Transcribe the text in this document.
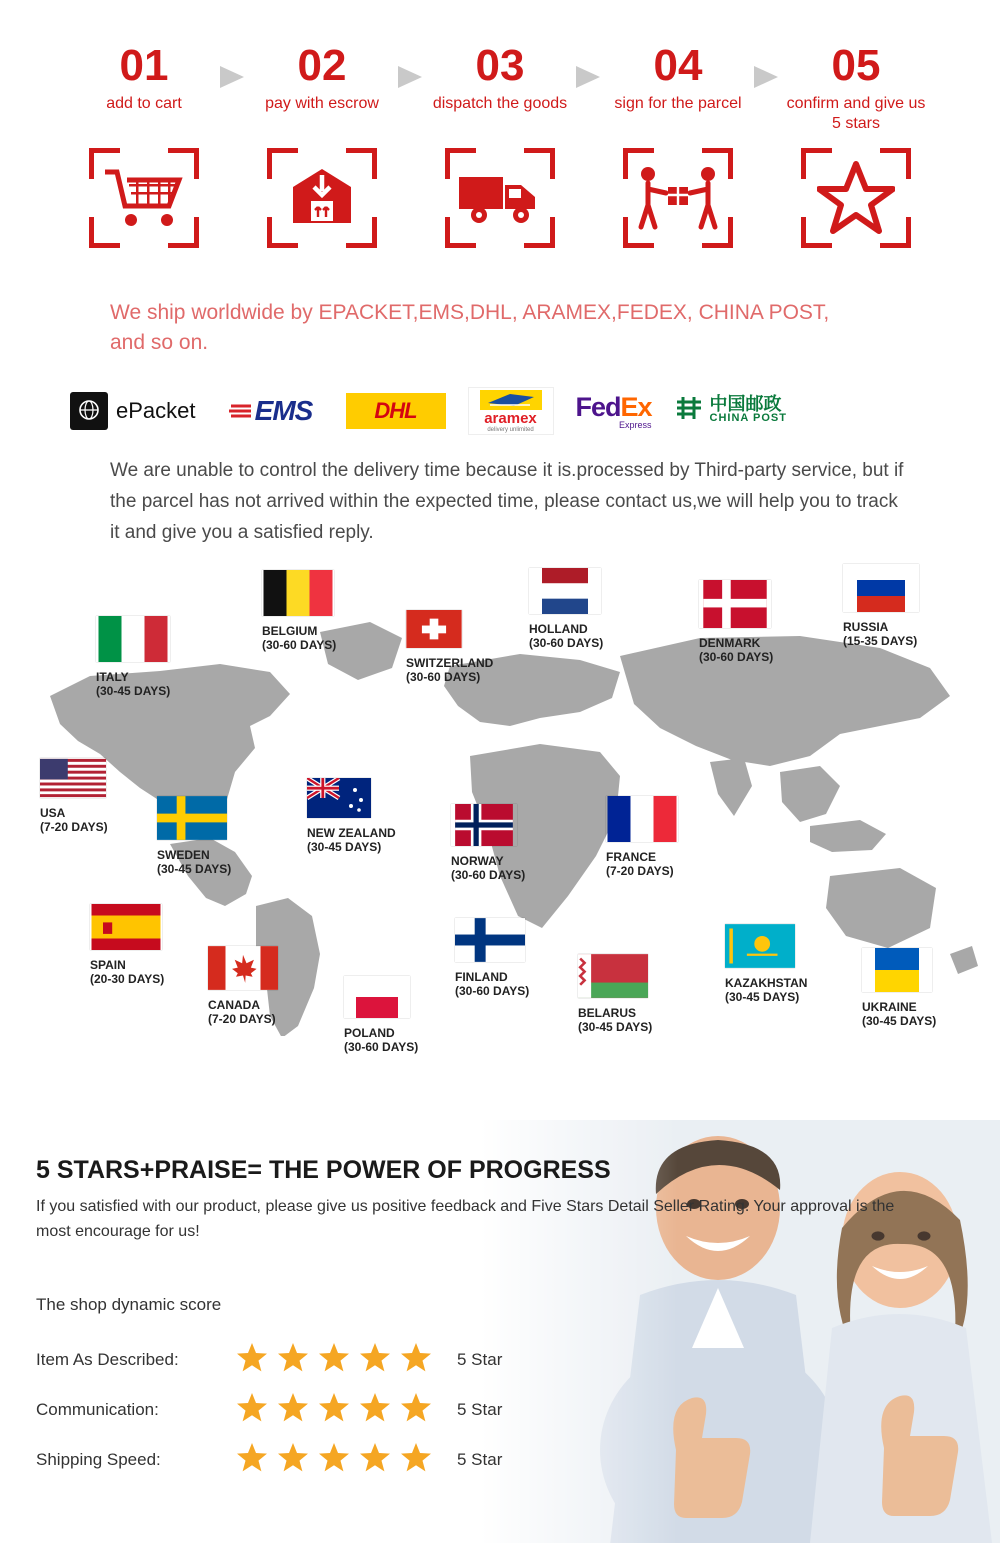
01
add to cart
02
pay with escrow
03
dispatch the goods
04
sign for the parcel
05
confirm and give us 5 stars
We ship worldwide by EPACKET,EMS,DHL, ARAMEX,FEDEX, CHINA POST,
and so on.
ePacket EMS	DHL	aramex
delivery unlimited
FedEx
Express
中国邮政
CHINA POST
We are unable to control the delivery time because it is.processed by Third-party service, but if the parcel has not arrived within the expected time, please contact us,we will help you to track it and give you a satisfied reply.
ITALY
(30-45 DAYS)
BELGIUM
(30-60 DAYS)
SWITZERLAND
(30-60 DAYS)
HOLLAND
(30-60 DAYS)	DENMARK
(30-60 DAYS)
RUSSIA
(15-35 DAYS)
USA
(7-20 DAYS)
SWEDEN
(30-45 DAYS)
NEW ZEALAND
(30-45 DAYS)
NORWAY
(30-60 DAYS)
FRANCE
(7-20 DAYS)
SPAIN
(20-30 DAYS)
CANADA
(7-20 DAYS)
POLAND
(30-60 DAYS)
FINLAND
(30-60 DAYS)
BELARUS
(30-45 DAYS)
KAZAKHSTAN
(30-45 DAYS)
UKRAINE
(30-45 DAYS)
5 STARS+PRAISE= THE POWER OF PROGRESS
If you satisfied with our product, please give us positive feedback and Five Stars Detail Seller Rating. Your approval is the most encourage for us!
The shop dynamic score
Item As Described:	5 Star
Communication:	5 Star
Shipping Speed:	5 Star
